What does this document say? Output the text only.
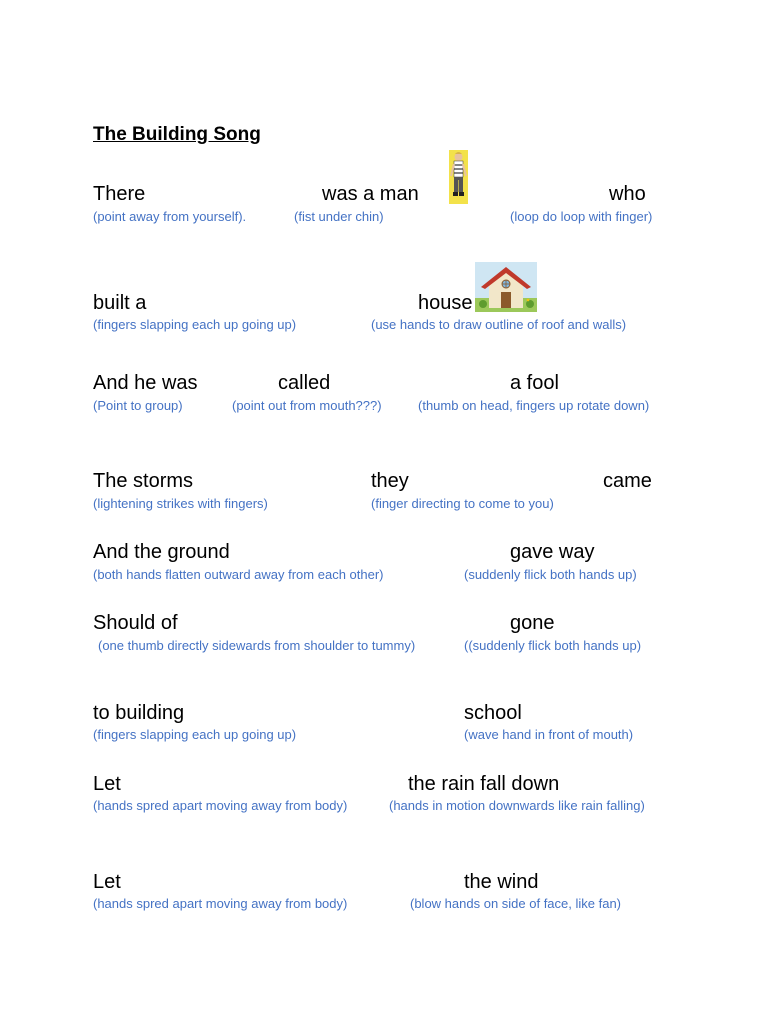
The Building Song
There	was a man	who
(point away from yourself).	(fist under chin)	(loop do loop with finger)
built a	house
(fingers slapping each up going up)	(use hands to draw outline of roof and walls)
And he was	called	a fool
(Point to group)	(point out from mouth???)	(thumb on head, fingers up rotate down)
The storms	they	came
(lightening strikes with fingers)	(finger directing to come to you)
And the ground	gave way
(both hands flatten outward away from each other)	(suddenly flick both hands up)
Should of	gone
(one thumb directly sidewards from shoulder to tummy)	((suddenly flick both hands up)
to building	school
(fingers slapping each up going up)	(wave hand in front of mouth)
Let	the rain fall down
(hands spred apart moving away from body)	(hands in motion downwards like rain falling)
Let	the wind
(hands spred apart moving away from body)	(blow hands on side of face, like fan)
